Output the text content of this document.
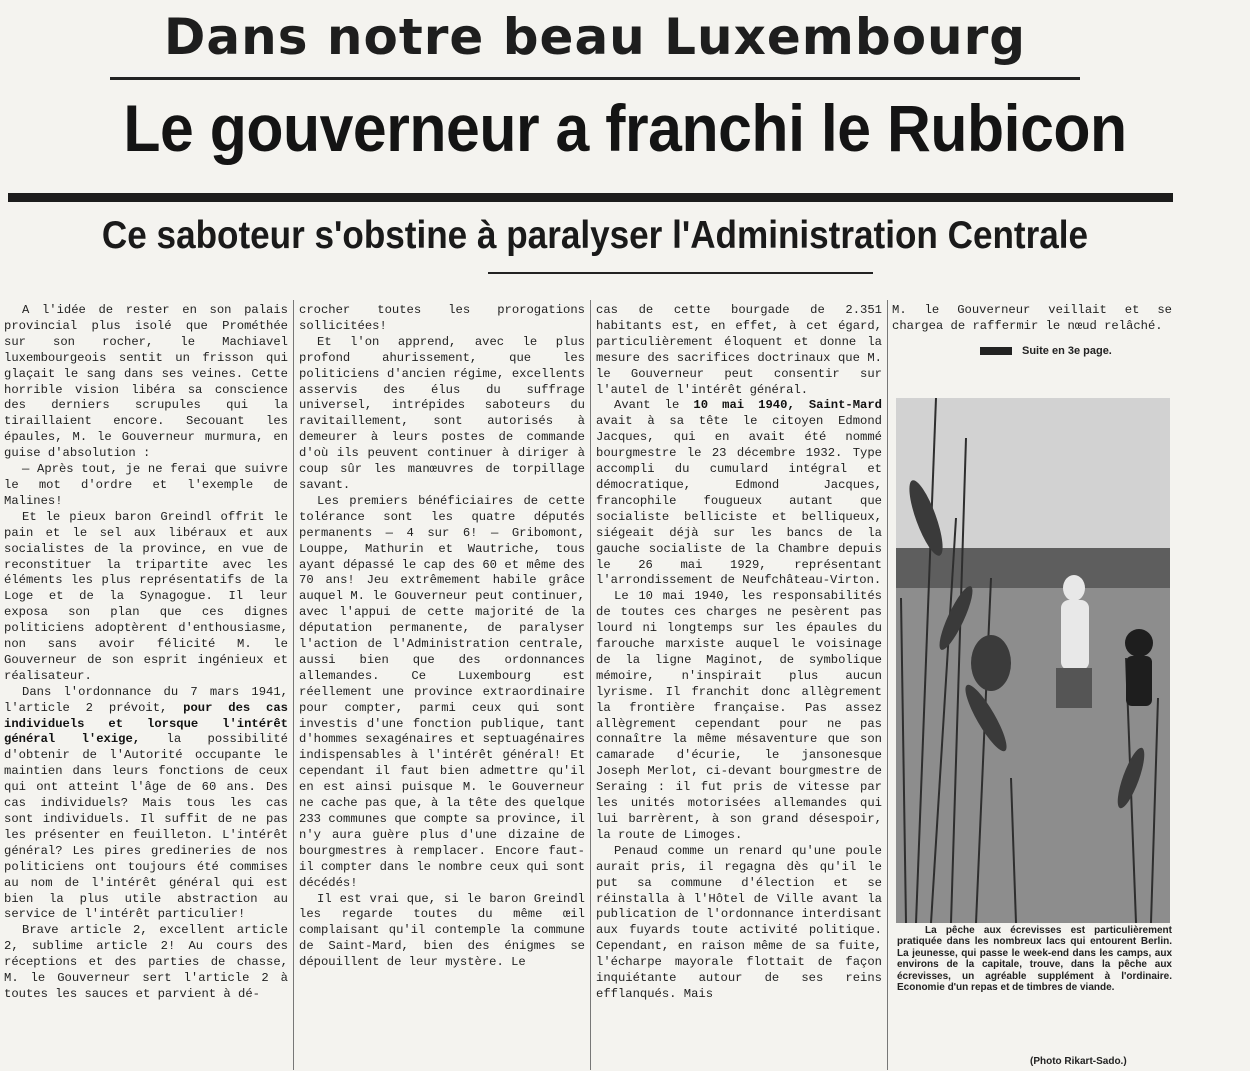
Dans notre beau Luxembourg
Le gouverneur a franchi le Rubicon
Ce saboteur s'obstine à paralyser l'Administration Centrale

A l'idée de rester en son palais provincial plus isolé que Prométhée sur son rocher, le Machiavel luxembourgeois sentit un frisson qui glaçait le sang dans ses veines. Cette horrible vision libéra sa conscience des derniers scrupules qui la tiraillaient encore. Secouant les épaules, M. le Gouverneur murmura, en guise d'absolution :

— Après tout, je ne ferai que suivre le mot d'ordre et l'exemple de Malines!

Et le pieux baron Greindl offrit le pain et le sel aux libéraux et aux socialistes de la province, en vue de reconstituer la tripartite avec les éléments les plus représentatifs de la Loge et de la Synagogue. Il leur exposa son plan que ces dignes politiciens adoptèrent d'enthousiasme, non sans avoir félicité M. le Gouverneur de son esprit ingénieux et réalisateur.

Dans l'ordonnance du 7 mars 1941, l'article 2 prévoit, pour des cas individuels et lorsque l'intérêt général l'exige, la possibilité d'obtenir de l'Autorité occupante le maintien dans leurs fonctions de ceux qui ont atteint l'âge de 60 ans. Des cas individuels? Mais tous les cas sont individuels. Il suffit de ne pas les présenter en feuilleton. L'intérêt général? Les pires gredineries de nos politiciens ont toujours été commises au nom de l'intérêt général qui est bien la plus utile abstraction au service de l'intérêt particulier!

Brave article 2, excellent article 2, sublime article 2! Au cours des réceptions et des parties de chasse, M. le Gouverneur sert l'article 2 à toutes les sauces et parvient à dé-

crocher toutes les prorogations sollicitées!

Et l'on apprend, avec le plus profond ahurissement, que les politiciens d'ancien régime, excellents asservis des élus du suffrage universel, intrépides saboteurs du ravitaillement, sont autorisés à demeurer à leurs postes de commande d'où ils peuvent continuer à diriger à coup sûr les manœuvres de torpillage savant.

Les premiers bénéficiaires de cette tolérance sont les quatre députés permanents — 4 sur 6! — Gribomont, Louppe, Mathurin et Wautriche, tous ayant dépassé le cap des 60 et même des 70 ans! Jeu extrêmement habile grâce auquel M. le Gouverneur peut continuer, avec l'appui de cette majorité de la députation permanente, de paralyser l'action de l'Administration centrale, aussi bien que des ordonnances allemandes. Ce Luxembourg est réellement une province extraordinaire pour compter, parmi ceux qui sont investis d'une fonction publique, tant d'hommes sexagénaires et septuagénaires indispensables à l'intérêt général! Et cependant il faut bien admettre qu'il en est ainsi puisque M. le Gouverneur ne cache pas que, à la tête des quelque 233 communes que compte sa province, il n'y aura guère plus d'une dizaine de bourgmestres à remplacer. Encore faut-il compter dans le nombre ceux qui sont décédés!

Il est vrai que, si le baron Greindl les regarde toutes du même œil complaisant qu'il contemple la commune de Saint-Mard, bien des énigmes se dépouillent de leur mystère. Le

cas de cette bourgade de 2.351 habitants est, en effet, à cet égard, particulièrement éloquent et donne la mesure des sacrifices doctrinaux que M. le Gouverneur peut consentir sur l'autel de l'intérêt général.

Avant le 10 mai 1940, Saint-Mard avait à sa tête le citoyen Edmond Jacques, qui en avait été nommé bourgmestre le 23 décembre 1932. Type accompli du cumulard intégral et démocratique, Edmond Jacques, francophile fougueux autant que socialiste belliciste et belliqueux, siégeait déjà sur les bancs de la gauche socialiste de la Chambre depuis le 26 mai 1929, représentant l'arrondissement de Neufchâteau-Virton.

Le 10 mai 1940, les responsabilités de toutes ces charges ne pesèrent pas lourd ni longtemps sur les épaules du farouche marxiste auquel le voisinage de la ligne Maginot, de symbolique mémoire, n'inspirait plus aucun lyrisme. Il franchit donc allègrement la frontière française. Pas assez allègrement cependant pour ne pas connaître la même mésaventure que son camarade d'écurie, le jansonesque Joseph Merlot, ci-devant bourgmestre de Seraing : il fut pris de vitesse par les unités motorisées allemandes qui lui barrèrent, à son grand désespoir, la route de Limoges.

Penaud comme un renard qu'une poule aurait pris, il regagna dès qu'il le put sa commune d'élection et se réinstalla à l'Hôtel de Ville avant la publication de l'ordonnance interdisant aux fuyards toute activité politique. Cependant, en raison même de sa fuite, l'écharpe mayorale flottait de façon inquiétante autour de ses reins efflanqués. Mais

M. le Gouverneur veillait et se chargea de raffermir le nœud relâché.

Suite en 3e page.

La pêche aux écrevisses est particulièrement pratiquée dans les nombreux lacs qui entourent Berlin. La jeunesse, qui passe le week-end dans les camps, aux environs de la capitale, trouve, dans la pêche aux écrevisses, un agréable supplément à l'ordinaire. Economie d'un repas et de timbres de viande.

(Photo Rikart-Sado.)
